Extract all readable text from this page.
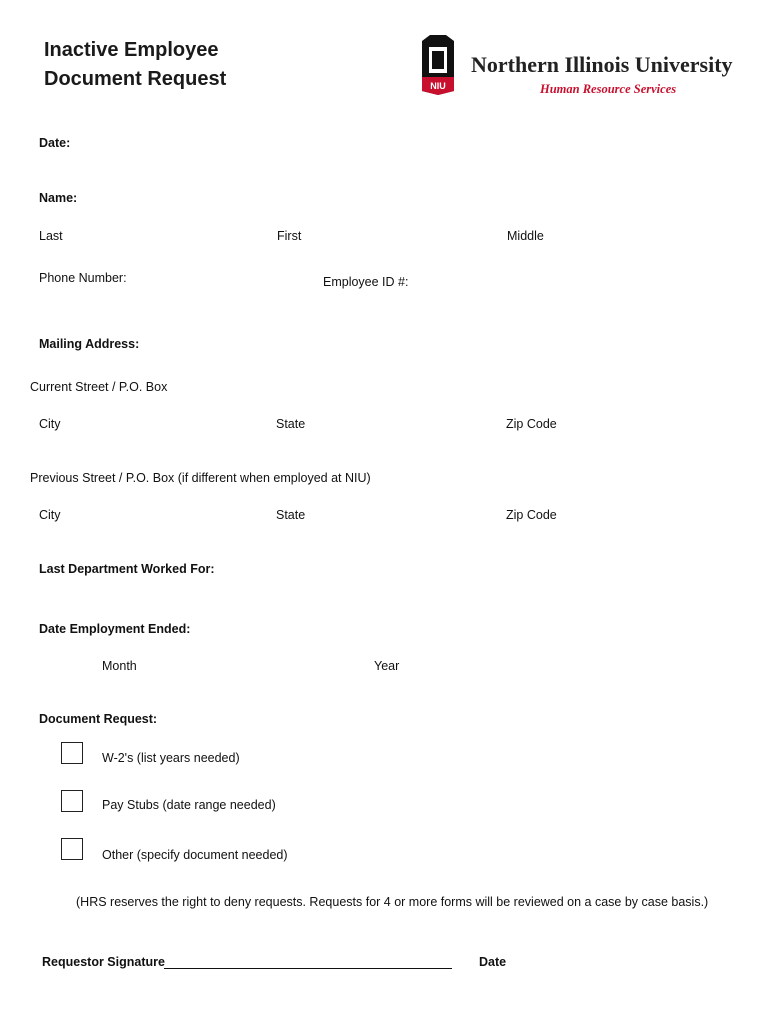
Inactive Employee
Document Request	NIU
Northern Illinois University
Human Resource Services
Date:
Name:
Last	First	Middle
Phone Number:	Employee ID #:
Mailing Address:
Current Street / P.O. Box
City	State	Zip Code
Previous Street / P.O. Box (if different when employed at NIU)
City	State	Zip Code
Last Department Worked For:
Date Employment Ended:
Month	Year
Document Request:
W-2's (list years needed)
Pay Stubs (date range needed)
Other (specify document needed)
(HRS reserves the right to deny requests. Requests for 4 or more forms will be reviewed on a case by case basis.)
Requestor Signature	Date
